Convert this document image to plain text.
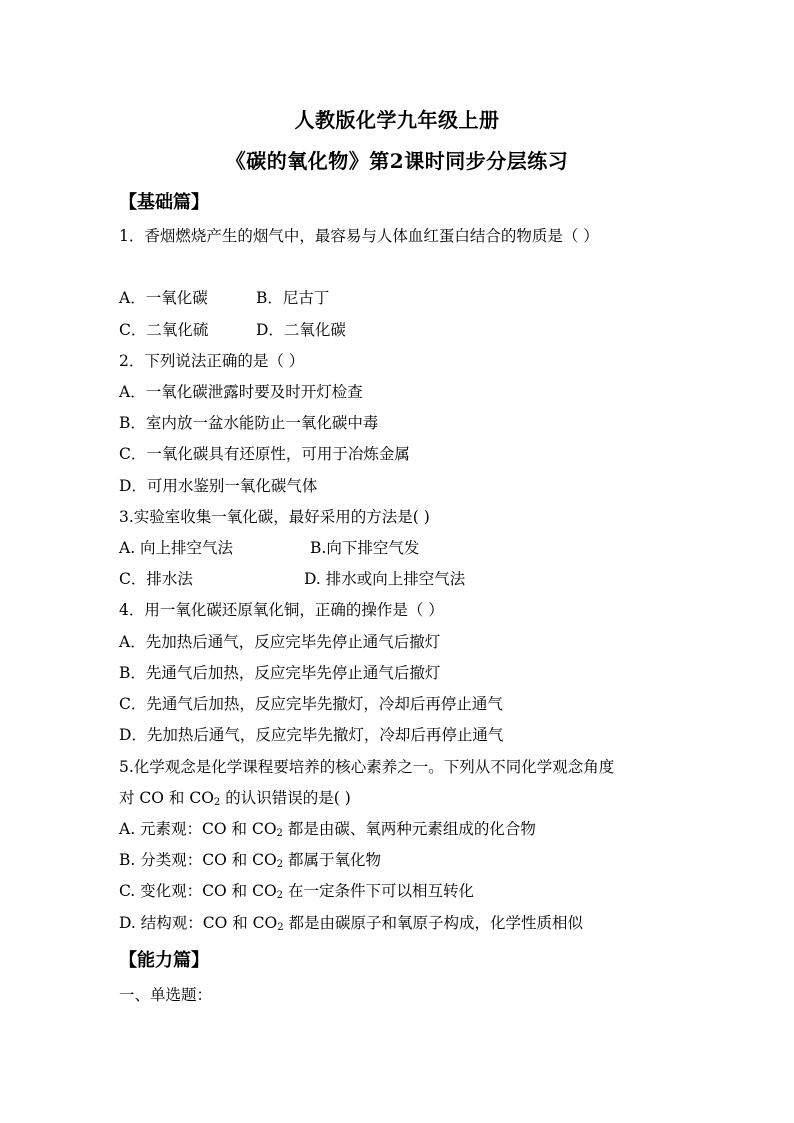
人教版化学九年级上册
《碳的氧化物》第2课时同步分层练习
【基础篇】
1．香烟燃烧产生的烟气中，最容易与人体血红蛋白结合的物质是（ ）
A．一氧化碳	B．尼古丁
C．二氧化硫	D．二氧化碳
2．下列说法正确的是（ ）
A．一氧化碳泄露时要及时开灯检查
B．室内放一盆水能防止一氧化碳中毒
C．一氧化碳具有还原性，可用于冶炼金属
D．可用水鉴别一氧化碳气体
3.实验室收集一氧化碳，最好采用的方法是( )
A. 向上排空气法	B.向下排空气发
C．排水法	D. 排水或向上排空气法
4．用一氧化碳还原氧化铜，正确的操作是（ ）
A．先加热后通气，反应完毕先停止通气后撤灯
B．先通气后加热，反应完毕先停止通气后撤灯
C．先通气后加热，反应完毕先撤灯，冷却后再停止通气
D．先加热后通气，反应完毕先撤灯，冷却后再停止通气
5.化学观念是化学课程要培养的核心素养之一。下列从不同化学观念角度
对 CO 和 $CO_2$ 的认识错误的是( )
A. 元素观：CO 和 $CO_2$ 都是由碳、氧两种元素组成的化合物
B. 分类观：CO 和 $CO_2$ 都属于氧化物
C. 变化观：CO 和 $CO_2$ 在一定条件下可以相互转化
D. 结构观：CO 和 $CO_2$ 都是由碳原子和氧原子构成，化学性质相似
【能力篇】
一、单选题：
